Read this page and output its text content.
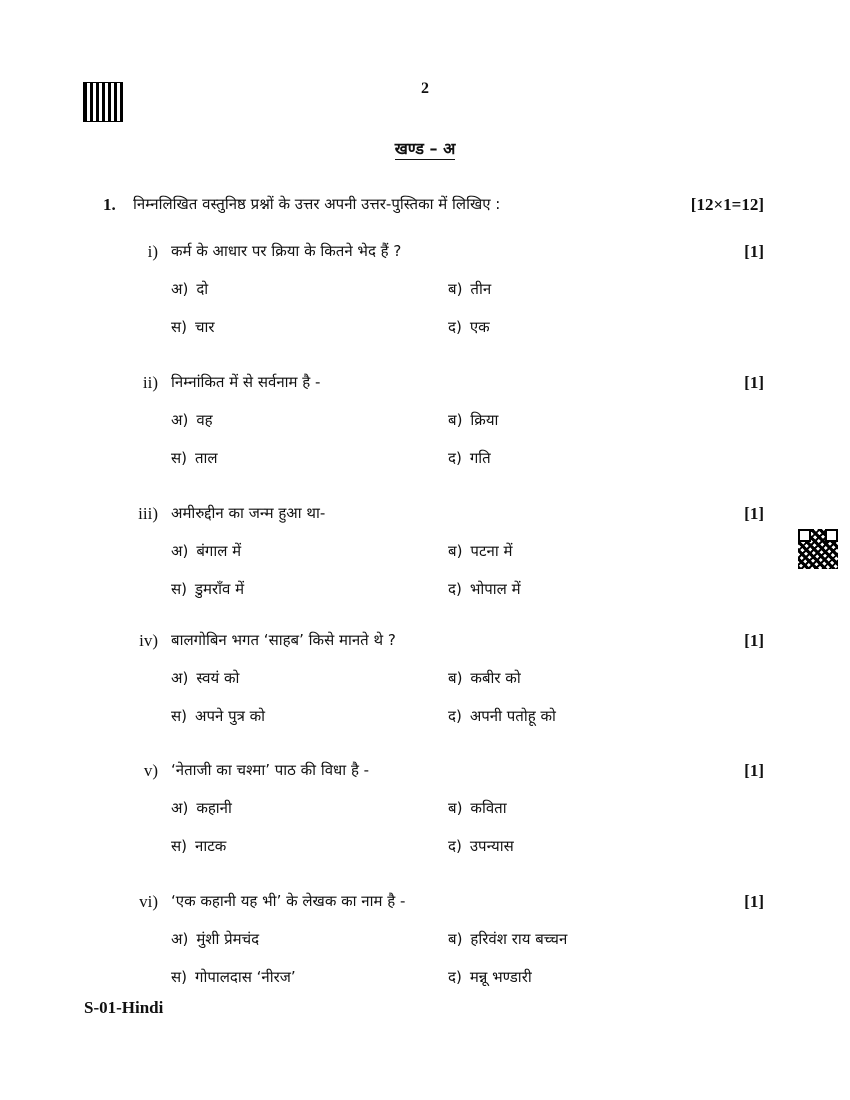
2
खण्ड – अ
1. निम्नलिखित वस्तुनिष्ठ प्रश्नों के उत्तर अपनी उत्तर-पुस्तिका में लिखिए :	[12×1=12]
i) कर्म के आधार पर क्रिया के कितने भेद हैं ?	[1]
अ) दो	ब) तीन
स) चार	द) एक
ii) निम्नांकित में से सर्वनाम है -	[1]
अ) वह	ब) क्रिया
स) ताल	द) गति
iii) अमीरुद्दीन का जन्म हुआ था-	[1]
अ) बंगाल में	ब) पटना में
स) डुमराँव में	द) भोपाल में
iv) बालगोबिन भगत ‘साहब’ किसे मानते थे ?	[1]
अ) स्वयं को	ब) कबीर को
स) अपने पुत्र को	द) अपनी पतोहू को
v) ‘नेताजी का चश्मा’ पाठ की विधा है -	[1]
अ) कहानी	ब) कविता
स) नाटक	द) उपन्यास
vi) ‘एक कहानी यह भी’ के लेखक का नाम है -	[1]
अ) मुंशी प्रेमचंद	ब) हरिवंश राय बच्चन
स) गोपालदास ‘नीरज’	द) मन्नू भण्डारी
S-01-Hindi
